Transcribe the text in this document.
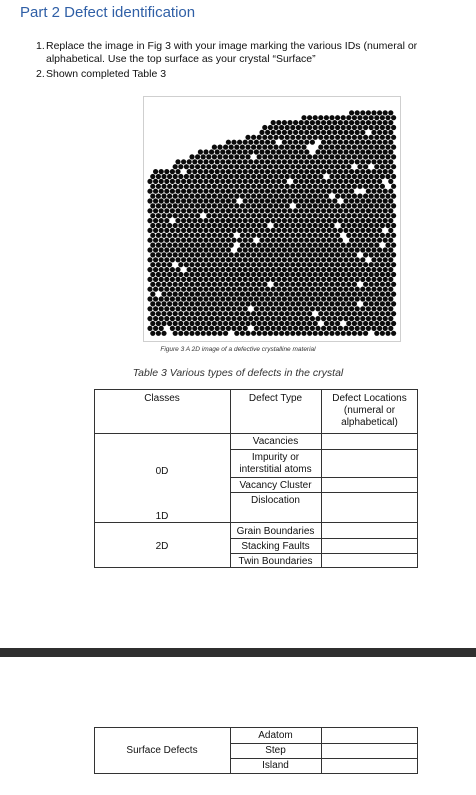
Part 2 Defect identification
1. Replace the image in Fig 3 with your image marking the various IDs (numeral or
alphabetical. Use the top surface as your crystal “Surface”
2. Shown completed Table 3
Figure 3 A 2D image of a defective crystalline material
Table 3 Various types of defects in the crystal
Classes	Defect Type	Defect Locations
(numeral or
alphabetical)
0D
1D
2D
Vacancies
Impurity or
interstitial atoms
Vacancy Cluster
Dislocation
Grain Boundaries
Stacking Faults
Twin Boundaries
Surface Defects
Adatom
Step
Island
